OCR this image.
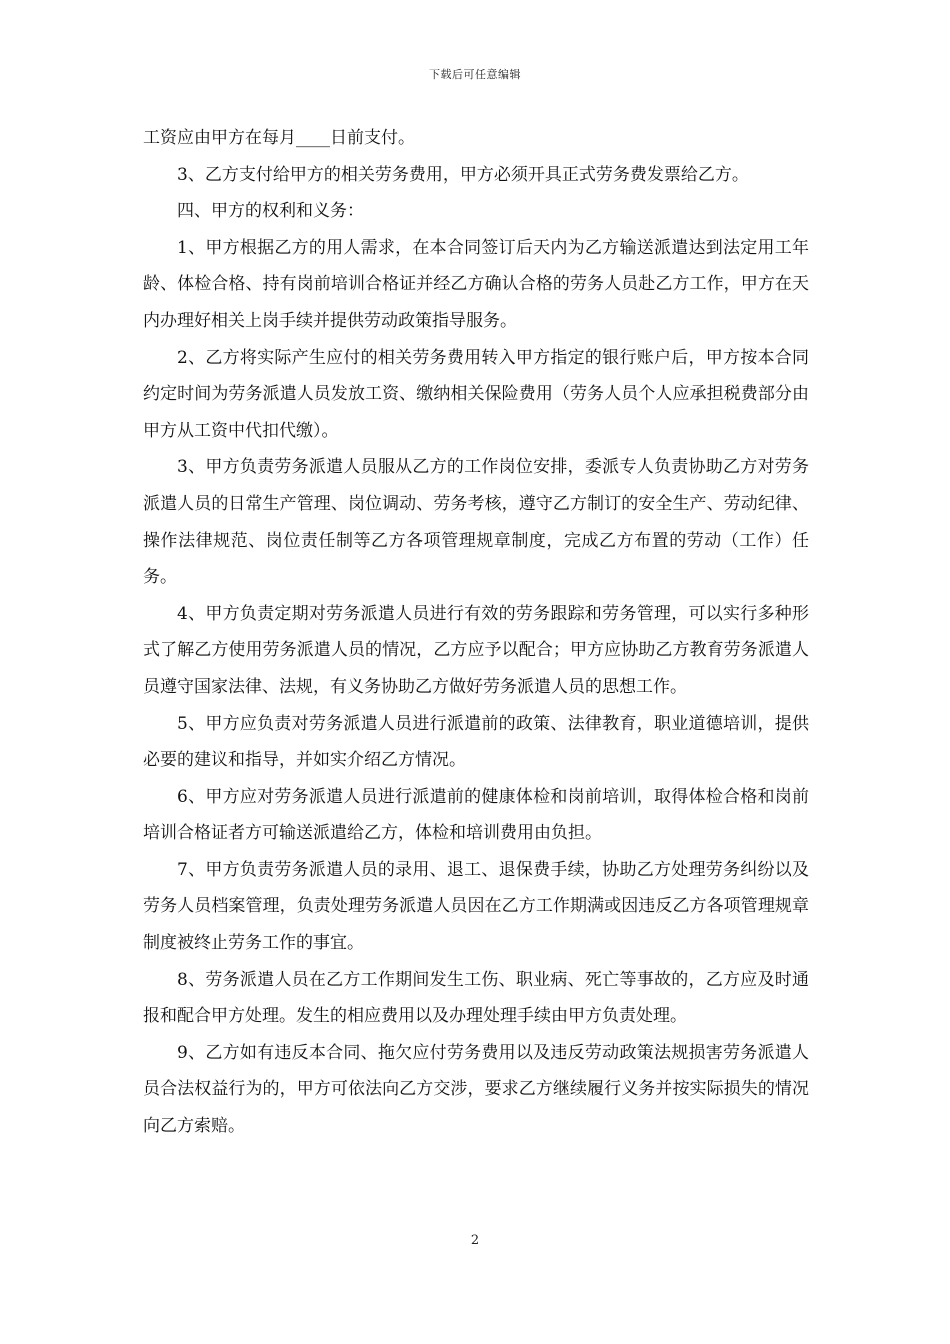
下载后可任意编辑

工资应由甲方在每月____日前支付。

3、乙方支付给甲方的相关劳务费用，甲方必须开具正式劳务费发票给乙方。

四、甲方的权利和义务：

1、甲方根据乙方的用人需求，在本合同签订后天内为乙方输送派遣达到法定用工年龄、体检合格、持有岗前培训合格证并经乙方确认合格的劳务人员赴乙方工作，甲方在天内办理好相关上岗手续并提供劳动政策指导服务。

2、乙方将实际产生应付的相关劳务费用转入甲方指定的银行账户后，甲方按本合同约定时间为劳务派遣人员发放工资、缴纳相关保险费用（劳务人员个人应承担税费部分由甲方从工资中代扣代缴）。

3、甲方负责劳务派遣人员服从乙方的工作岗位安排，委派专人负责协助乙方对劳务派遣人员的日常生产管理、岗位调动、劳务考核，遵守乙方制订的安全生产、劳动纪律、操作法律规范、岗位责任制等乙方各项管理规章制度，完成乙方布置的劳动（工作）任务。

4、甲方负责定期对劳务派遣人员进行有效的劳务跟踪和劳务管理，可以实行多种形式了解乙方使用劳务派遣人员的情况，乙方应予以配合；甲方应协助乙方教育劳务派遣人员遵守国家法律、法规，有义务协助乙方做好劳务派遣人员的思想工作。

5、甲方应负责对劳务派遣人员进行派遣前的政策、法律教育，职业道德培训，提供必要的建议和指导，并如实介绍乙方情况。

6、甲方应对劳务派遣人员进行派遣前的健康体检和岗前培训，取得体检合格和岗前培训合格证者方可输送派遣给乙方，体检和培训费用由负担。

7、甲方负责劳务派遣人员的录用、退工、退保费手续，协助乙方处理劳务纠纷以及劳务人员档案管理，负责处理劳务派遣人员因在乙方工作期满或因违反乙方各项管理规章制度被终止劳务工作的事宜。

8、劳务派遣人员在乙方工作期间发生工伤、职业病、死亡等事故的，乙方应及时通报和配合甲方处理。发生的相应费用以及办理处理手续由甲方负责处理。

9、乙方如有违反本合同、拖欠应付劳务费用以及违反劳动政策法规损害劳务派遣人员合法权益行为的，甲方可依法向乙方交涉，要求乙方继续履行义务并按实际损失的情况向乙方索赔。

2
